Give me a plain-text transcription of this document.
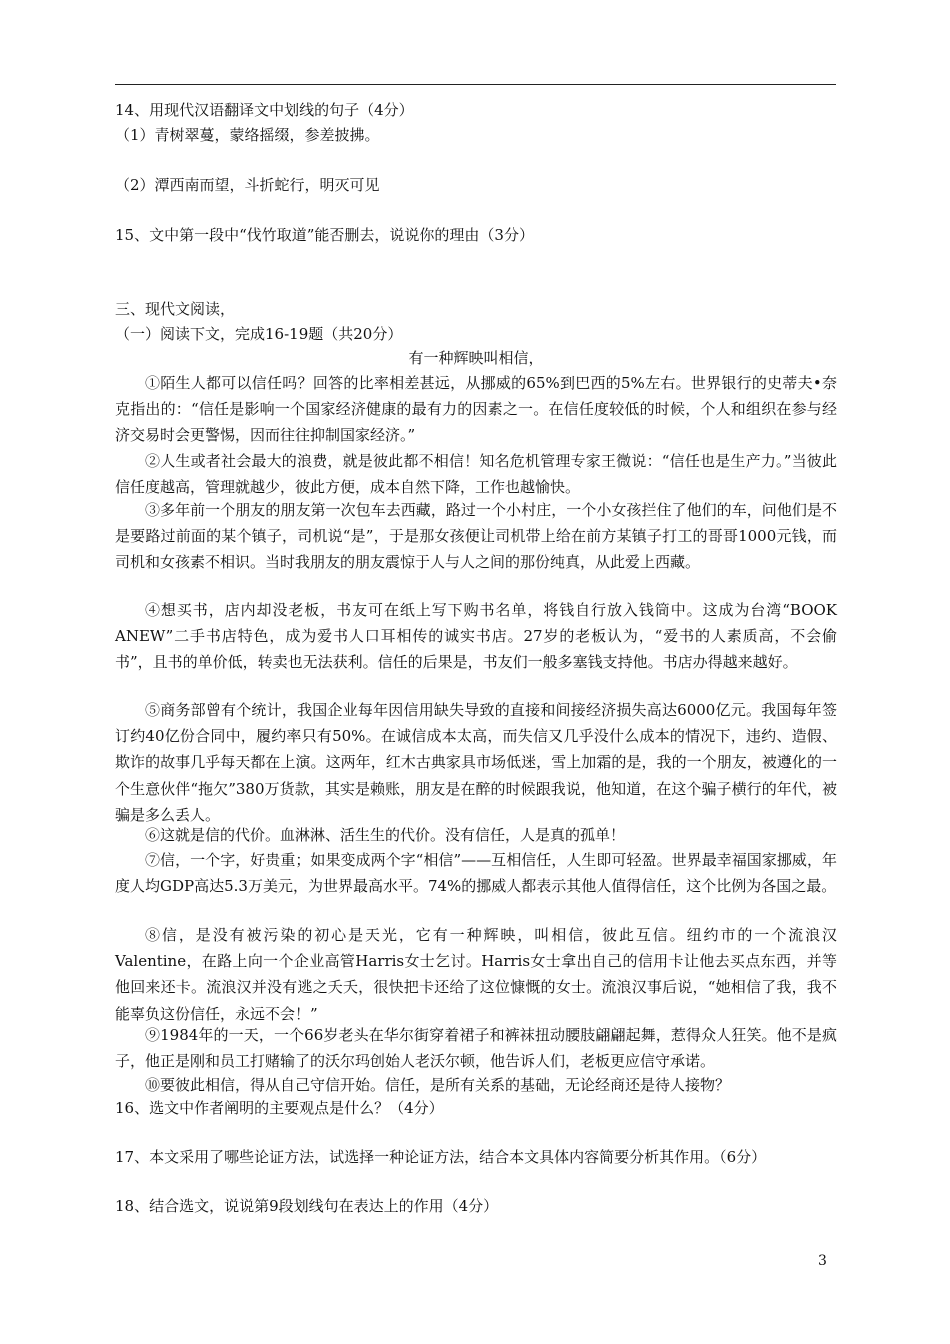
14、用现代汉语翻译文中划线的句子（4分）
（1）青树翠蔓，蒙络摇缀，参差披拂。
（2）潭西南而望，斗折蛇行，明灭可见
15、文中第一段中“伐竹取道”能否删去，说说你的理由（3分）
三、现代文阅读，
（一）阅读下文，完成16-19题（共20分）
有一种辉映叫相信，
①陌生人都可以信任吗？回答的比率相差甚远，从挪威的65%到巴西的5%左右。世界银行的史蒂夫•奈克指出的：“信任是影响一个国家经济健康的最有力的因素之一。在信任度较低的时候，个人和组织在参与经济交易时会更警惕，因而往往抑制国家经济。”
②人生或者社会最大的浪费，就是彼此都不相信！知名危机管理专家王微说：“信任也是生产力。”当彼此信任度越高，管理就越少，彼此方便，成本自然下降，工作也越愉快。
③多年前一个朋友的朋友第一次包车去西藏，路过一个小村庄，一个小女孩拦住了他们的车，问他们是不是要路过前面的某个镇子，司机说“是”，于是那女孩便让司机带上给在前方某镇子打工的哥哥1000元钱，而司机和女孩素不相识。当时我朋友的朋友震惊于人与人之间的那份纯真，从此爱上西藏。
④想买书，店内却没老板，书友可在纸上写下购书名单，将钱自行放入钱筒中。这成为台湾“BOOK ANEW”二手书店特色，成为爱书人口耳相传的诚实书店。27岁的老板认为，“爱书的人素质高，不会偷书”，且书的单价低，转卖也无法获利。信任的后果是，书友们一般多塞钱支持他。书店办得越来越好。
⑤商务部曾有个统计，我国企业每年因信用缺失导致的直接和间接经济损失高达6000亿元。我国每年签订约40亿份合同中，履约率只有50%。在诚信成本太高，而失信又几乎没什么成本的情况下，违约、造假、欺诈的故事几乎每天都在上演。这两年，红木古典家具市场低迷，雪上加霜的是，我的一个朋友，被遵化的一个生意伙伴“拖欠”380万货款，其实是赖账，朋友是在醉的时候跟我说，他知道，在这个骗子横行的年代，被骗是多么丢人。
⑥这就是信的代价。血淋淋、活生生的代价。没有信任，人是真的孤单！
⑦信，一个字，好贵重；如果变成两个字“相信”——互相信任，人生即可轻盈。世界最幸福国家挪威，年度人均GDP高达5.3万美元，为世界最高水平。74%的挪威人都表示其他人值得信任，这个比例为各国之最。
⑧信，是没有被污染的初心是天光，它有一种辉映，叫相信，彼此互信。纽约市的一个流浪汉Valentine，在路上向一个企业高管Harris女士乞讨。Harris女士拿出自己的信用卡让他去买点东西，并等他回来还卡。流浪汉并没有逃之夭夭，很快把卡还给了这位慷慨的女士。流浪汉事后说，“她相信了我，我不能辜负这份信任，永远不会！”
⑨1984年的一天，一个66岁老头在华尔街穿着裙子和裤袜扭动腰肢翩翩起舞，惹得众人狂笑。他不是疯子，他正是刚和员工打赌输了的沃尔玛创始人老沃尔顿，他告诉人们，老板更应信守承诺。
⑩要彼此相信，得从自己守信开始。信任，是所有关系的基础，无论经商还是待人接物？
16、选文中作者阐明的主要观点是什么？（4分）
17、本文采用了哪些论证方法，试选择一种论证方法，结合本文具体内容简要分析其作用。（6分）
18、结合选文，说说第9段划线句在表达上的作用（4分）
3
